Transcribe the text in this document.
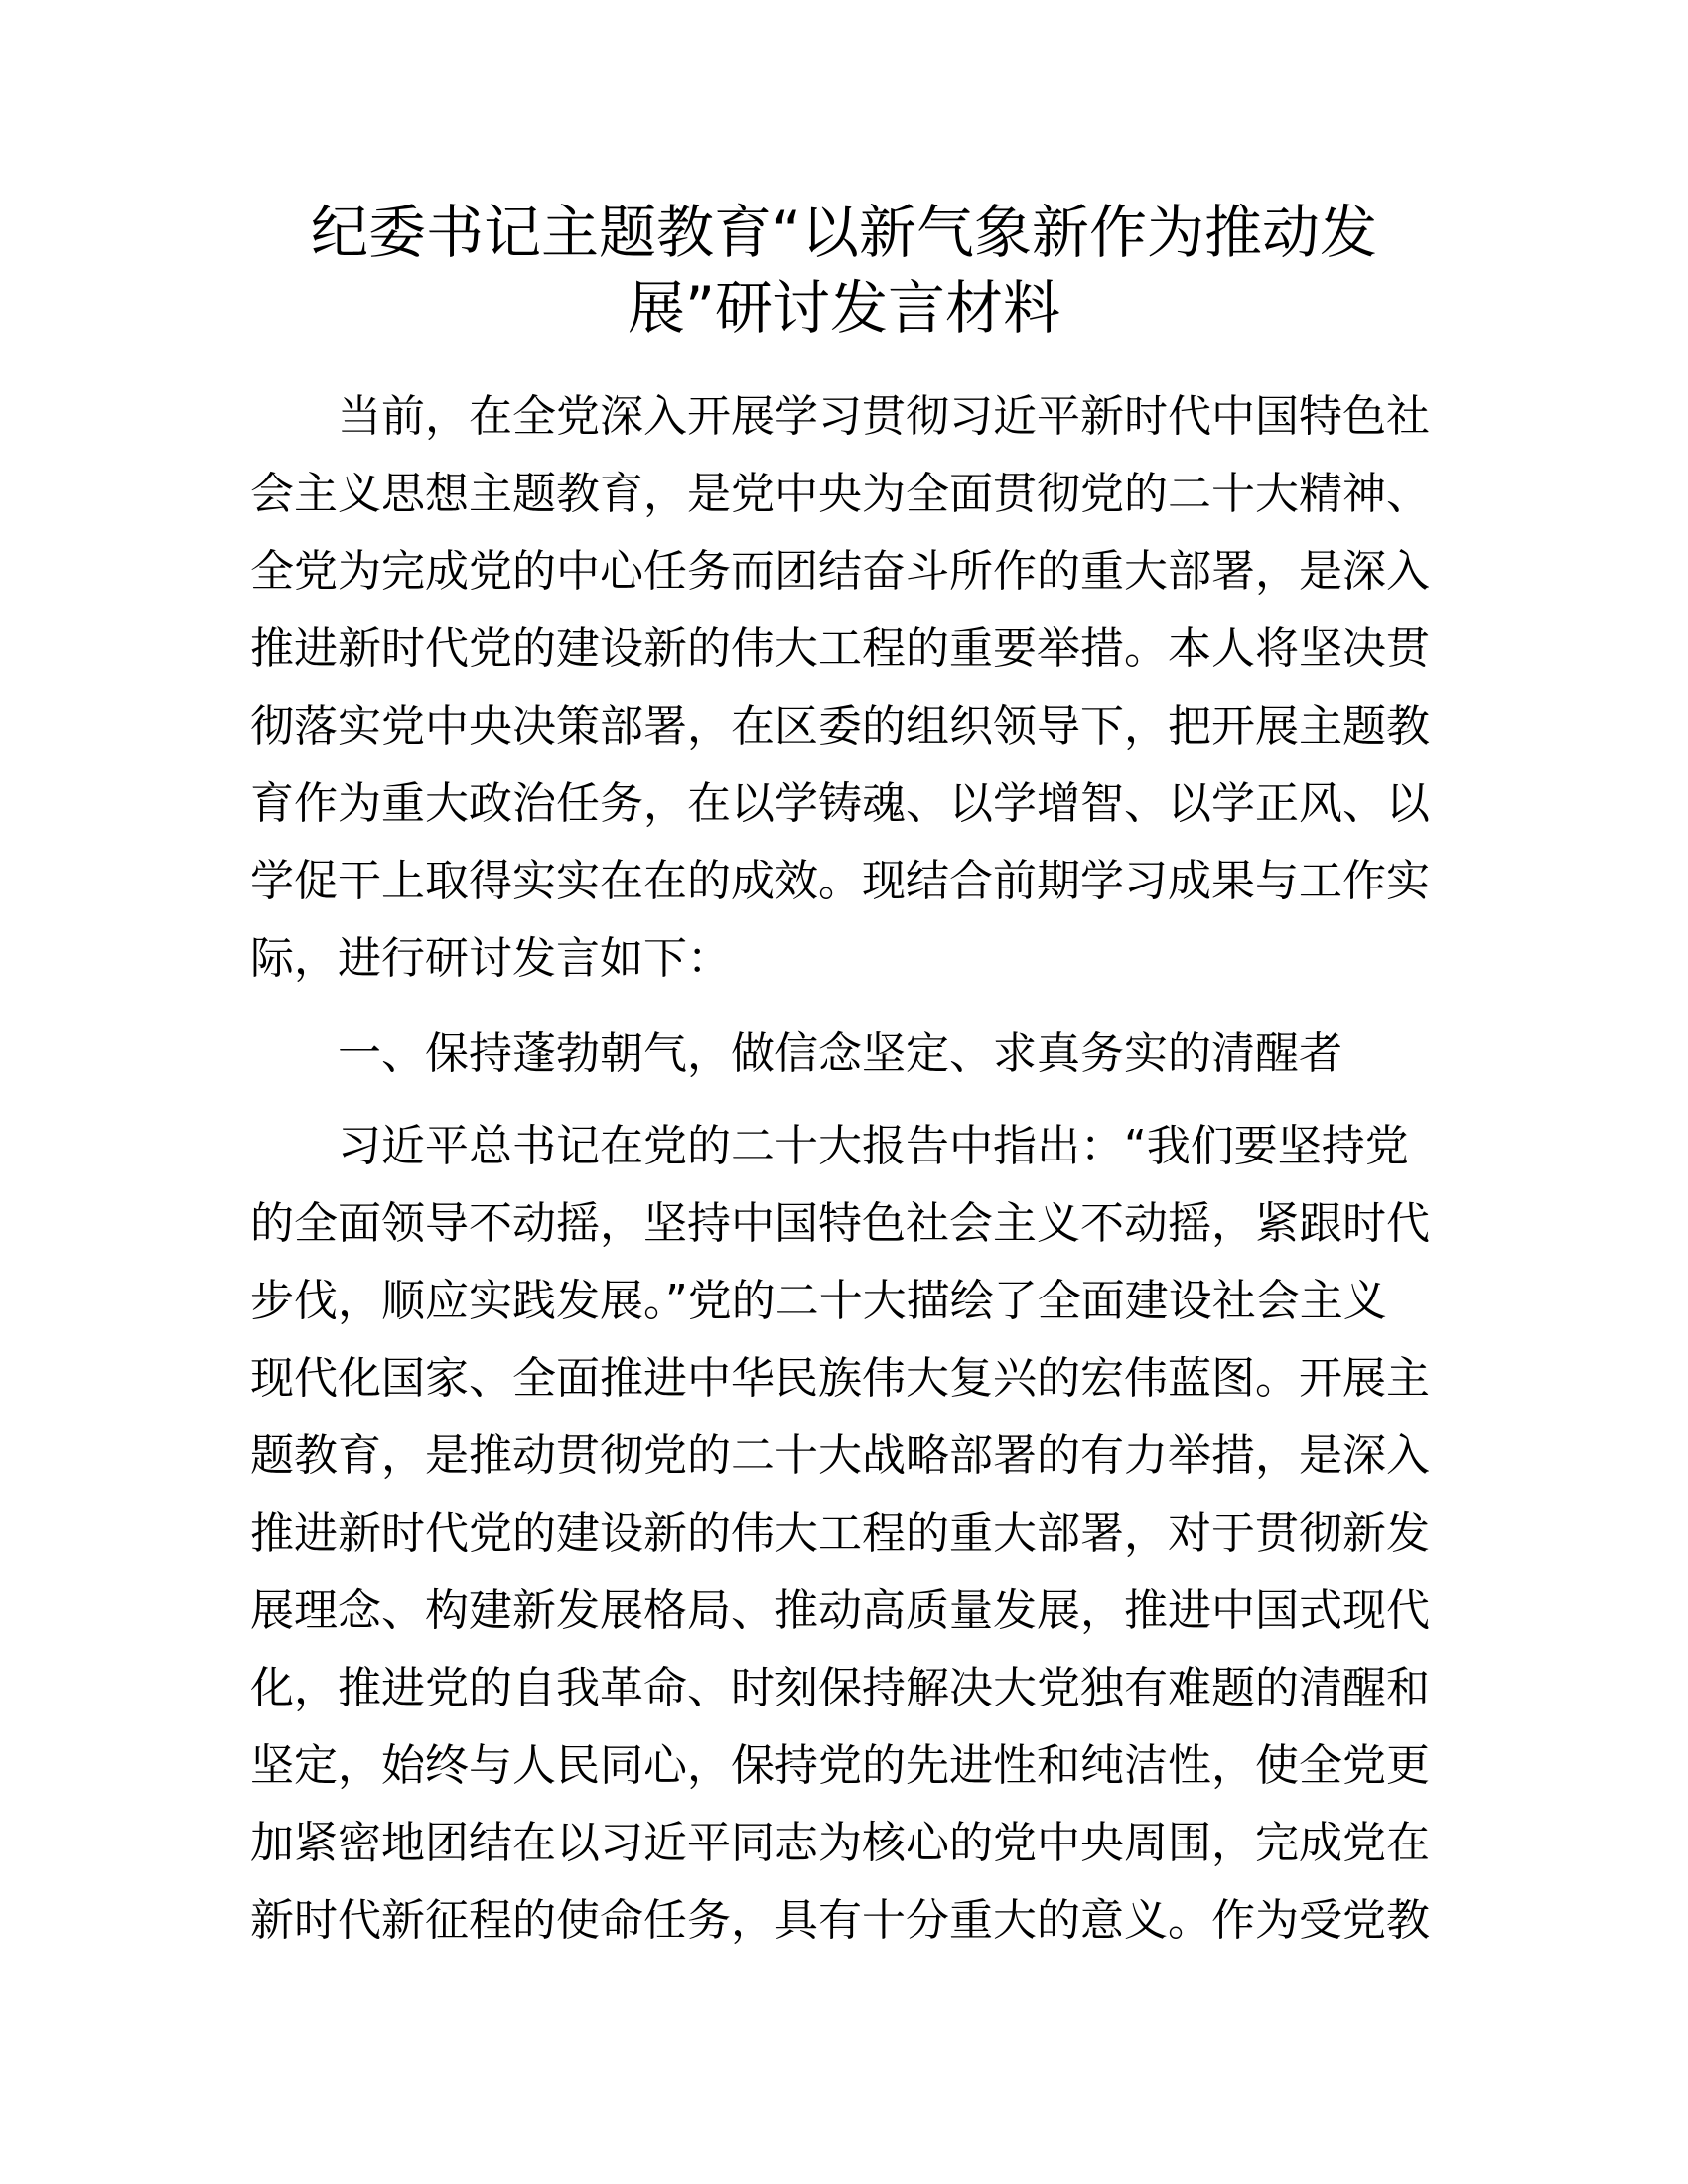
纪委书记主题教育“以新气象新作为推动发
展”研讨发言材料

当前，在全党深入开展学习贯彻习近平新时代中国特色社
会主义思想主题教育，是党中央为全面贯彻党的二十大精神、
全党为完成党的中心任务而团结奋斗所作的重大部署，是深入
推进新时代党的建设新的伟大工程的重要举措。本人将坚决贯
彻落实党中央决策部署，在区委的组织领导下，把开展主题教
育作为重大政治任务，在以学铸魂、以学增智、以学正风、以
学促干上取得实实在在的成效。现结合前期学习成果与工作实
际，进行研讨发言如下：

一、保持蓬勃朝气，做信念坚定、求真务实的清醒者

习近平总书记在党的二十大报告中指出：“我们要坚持党
的全面领导不动摇，坚持中国特色社会主义不动摇，紧跟时代
步伐，顺应实践发展。”党的二十大描绘了全面建设社会主义
现代化国家、全面推进中华民族伟大复兴的宏伟蓝图。开展主
题教育，是推动贯彻党的二十大战略部署的有力举措，是深入
推进新时代党的建设新的伟大工程的重大部署，对于贯彻新发
展理念、构建新发展格局、推动高质量发展，推进中国式现代
化，推进党的自我革命、时刻保持解决大党独有难题的清醒和
坚定，始终与人民同心，保持党的先进性和纯洁性，使全党更
加紧密地团结在以习近平同志为核心的党中央周围，完成党在
新时代新征程的使命任务，具有十分重大的意义。作为受党教
